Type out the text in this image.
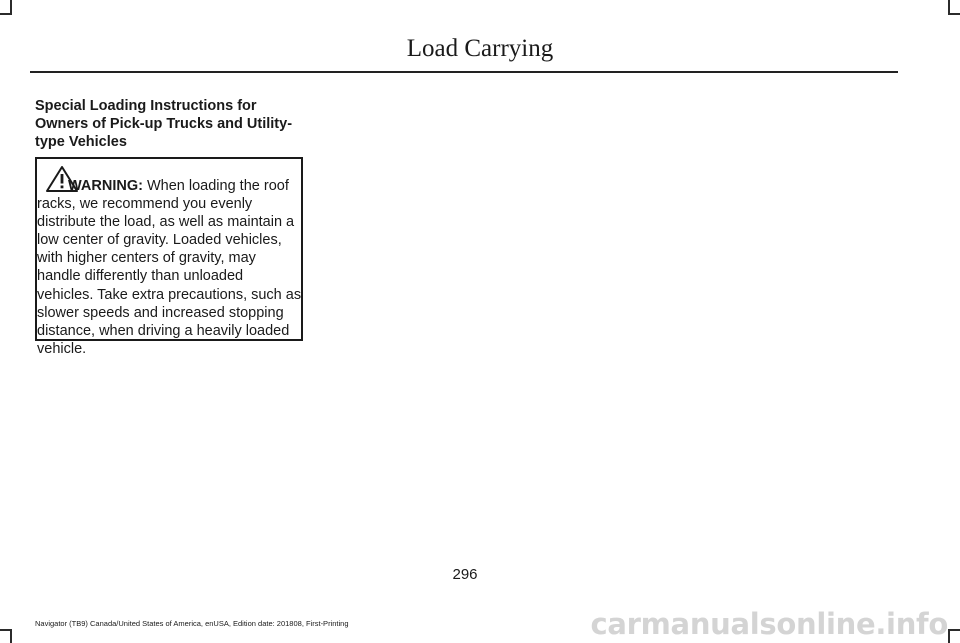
Load Carrying
Special Loading Instructions for Owners of Pick-up Trucks and Utility-type Vehicles

WARNING: When loading the roof racks, we recommend you evenly distribute the load, as well as maintain a low center of gravity. Loaded vehicles, with higher centers of gravity, may handle differently than unloaded vehicles. Take extra precautions, such as slower speeds and increased stopping distance, when driving a heavily loaded vehicle.

296
Navigator (TB9) Canada/United States of America, enUSA, Edition date: 201808, First-Printing	carmanualsonline.info
